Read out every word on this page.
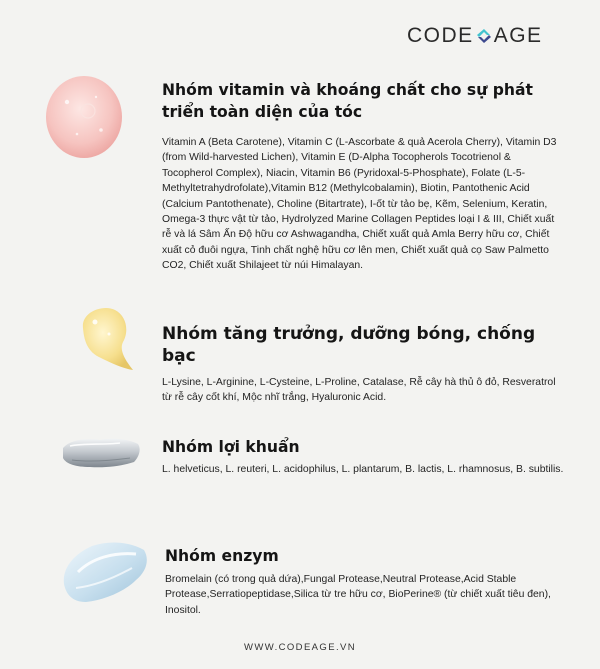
CODE AGE
Nhóm vitamin và khoáng chất cho sự phát triển toàn diện của tóc

Vitamin A (Beta Carotene), Vitamin C (L-Ascorbate & quả Acerola Cherry), Vitamin D3 (from Wild-harvested Lichen), Vitamin E (D-Alpha Tocopherols Tocotrienol & Tocopherol Complex), Niacin, Vitamin B6 (Pyridoxal-5-Phosphate), Folate (L-5-Methyltetrahydrofolate),Vitamin B12 (Methylcobalamin), Biotin, Pantothenic Acid (Calcium Pantothenate), Choline (Bitartrate), I-ốt từ tảo bẹ, Kẽm, Selenium, Keratin, Omega-3 thực vật từ tảo, Hydrolyzed Marine Collagen Peptides loại I & III, Chiết xuất rễ và lá Sâm Ấn Độ hữu cơ Ashwagandha, Chiết xuất quả Amla Berry hữu cơ, Chiết xuất cỏ đuôi ngựa, Tinh chất nghệ hữu cơ lên men, Chiết xuất quả cọ Saw Palmetto CO2, Chiết xuất Shilajeet từ núi Himalayan.

Nhóm tăng trưởng, dưỡng bóng, chống bạc

L-Lysine, L-Arginine, L-Cysteine, L-Proline, Catalase, Rễ cây hà thủ ô đỏ, Resveratrol từ rễ cây cốt khí, Mộc nhĩ trắng, Hyaluronic Acid.

Nhóm lợi khuẩn

L. helveticus, L. reuteri, L. acidophilus, L. plantarum, B. lactis, L. rhamnosus, B. subtilis.

Nhóm enzym

Bromelain (có trong quả dứa),Fungal Protease,Neutral Protease,Acid Stable Protease,Serratiopeptidase,Silica từ tre hữu cơ, BioPerine® (từ chiết xuất tiêu đen), Inositol.

WWW.CODEAGE.VN
